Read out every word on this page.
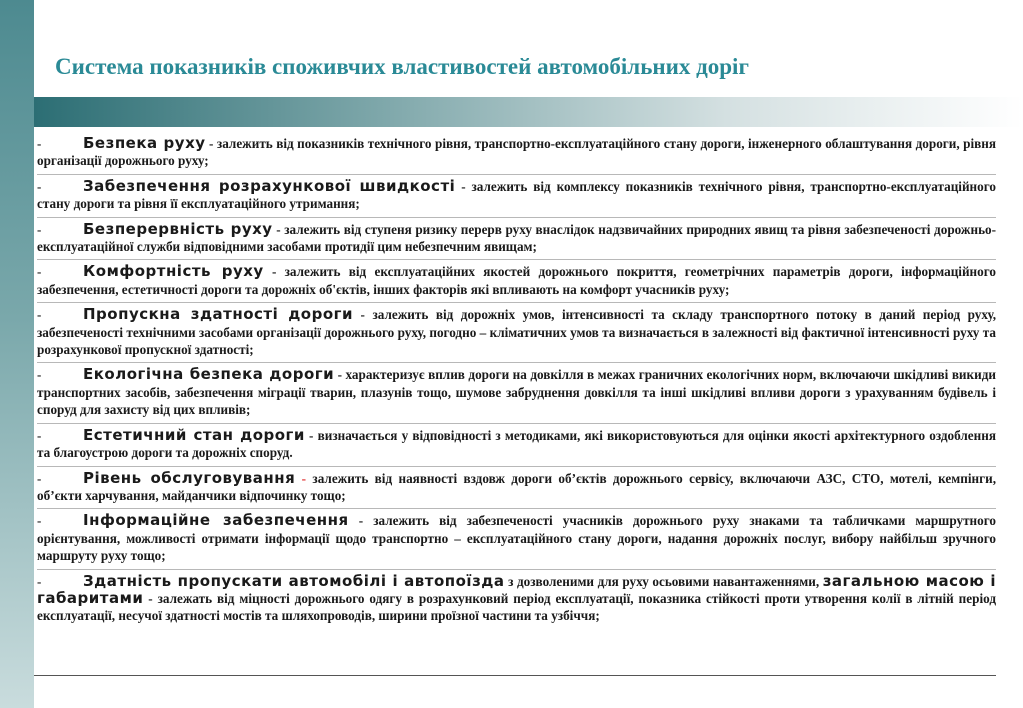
Система показників споживчих властивостей автомобільних доріг

-	Безпека руху - залежить від показників технічного рівня, транспортно-експлуатаційного стану дороги, інженерного облаштування дороги, рівня організації дорожнього руху;

-	Забезпечення розрахункової швидкості - залежить від комплексу показників технічного рівня, транспортно-експлуатаційного стану дороги та рівня її експлуатаційного утримання;

-	Безперервність руху - залежить від ступеня ризику перерв руху внаслідок надзвичайних природних явищ та рівня забезпеченості дорожньо-експлуатаційної служби відповідними засобами протидії цим небезпечним явищам;

-	Комфортність руху - залежить від експлуатаційних якостей дорожнього покриття, геометрічних параметрів дороги, інформаційного забезпечення, естетичності дороги та дорожніх об'єктів, інших факторів які впливають на комфорт учасників руху;

-	Пропускна здатності дороги - залежить від дорожніх умов, інтенсивності та складу транспортного потоку в даний період руху, забезпеченості технічними засобами організації дорожнього руху, погодно – кліматичних умов та визначається в залежності від фактичної інтенсивності руху та розрахункової пропускної здатності;

-	Екологічна безпека дороги - характеризує вплив дороги на довкілля в межах граничних екологічних норм, включаючи шкідливі викиди транспортних засобів, забезпечення міграції тварин, плазунів тощо, шумове забруднення довкілля та інші шкідливі впливи дороги з урахуванням будівель і споруд для захисту від цих впливів;

-	Естетичний стан дороги - визначається у відповідності з методиками, які використовуються для оцінки якості архітектурного оздоблення та благоустрою дороги та дорожніх споруд.

-	Рівень обслуговування - залежить від наявності вздовж дороги об’єктів дорожнього сервісу, включаючи АЗС, СТО, мотелі, кемпінги, об’єкти харчування, майданчики відпочинку тощо;

-	Інформаційне забезпечення - залежить від забезпеченості учасників дорожнього руху знаками та табличками маршрутного орієнтування, можливості отримати інформації щодо транспортно – експлуатаційного стану дороги, надання дорожніх послуг, вибору найбільш зручного маршруту руху тощо;

-	Здатність пропускати автомобілі і автопоїзда з дозволеними для руху осьовими навантаженнями, загальною масою і габаритами - залежать від міцності дорожнього одягу в розрахунковий період експлуатації, показника стійкості проти утворення колії в літній період експлуатації, несучої здатності мостів та шляхопроводів, ширини проїзної частини та узбіччя;
